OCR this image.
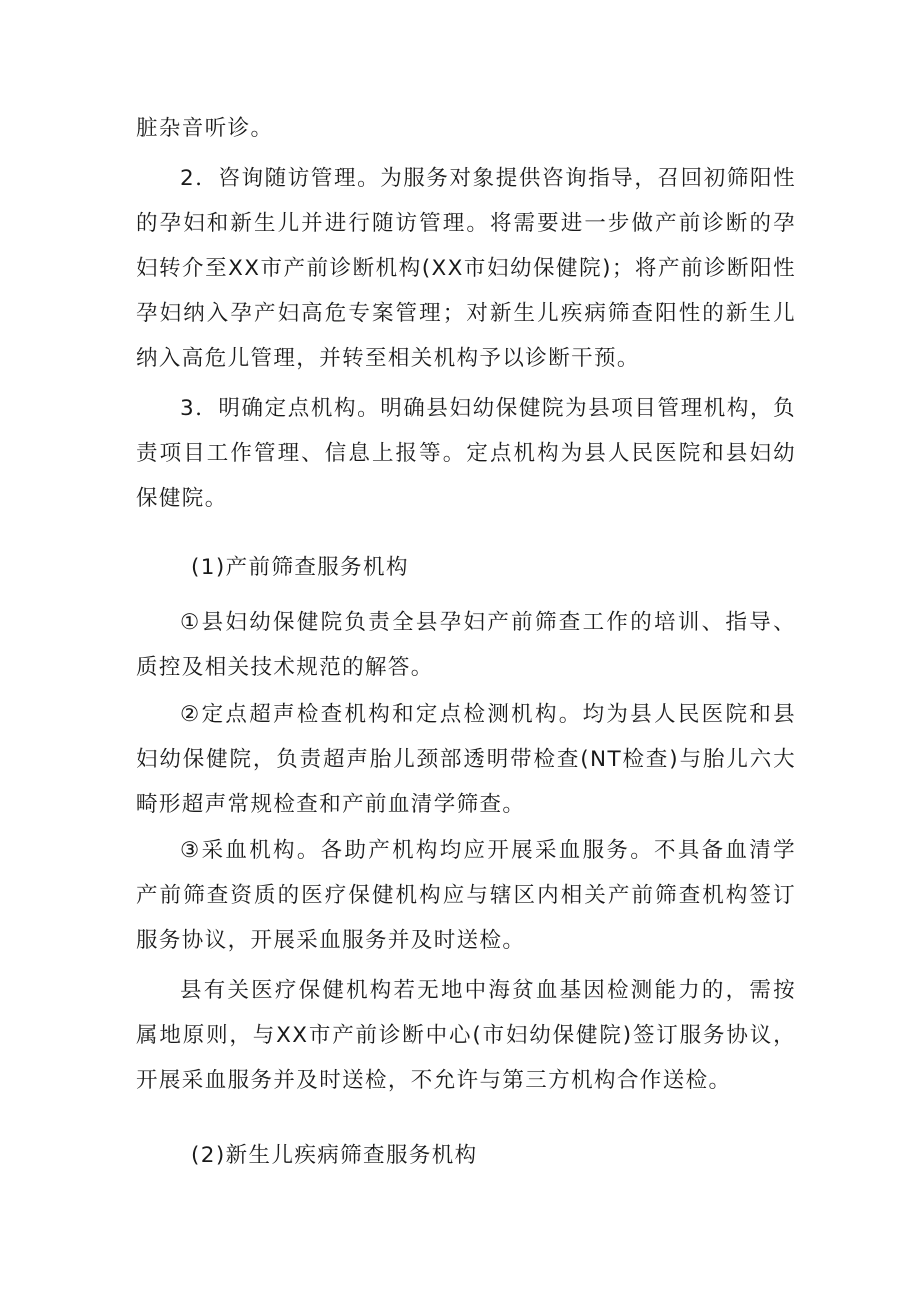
脏杂音听诊。

2．咨询随访管理。为服务对象提供咨询指导，召回初筛阳性的孕妇和新生儿并进行随访管理。将需要进一步做产前诊断的孕妇转介至XX市产前诊断机构(XX市妇幼保健院)；将产前诊断阳性孕妇纳入孕产妇高危专案管理；对新生儿疾病筛查阳性的新生儿纳入高危儿管理，并转至相关机构予以诊断干预。

3．明确定点机构。明确县妇幼保健院为县项目管理机构，负责项目工作管理、信息上报等。定点机构为县人民医院和县妇幼保健院。

(1)产前筛查服务机构

①县妇幼保健院负责全县孕妇产前筛查工作的培训、指导、质控及相关技术规范的解答。

②定点超声检查机构和定点检测机构。均为县人民医院和县妇幼保健院，负责超声胎儿颈部透明带检查(NT检查)与胎儿六大畸形超声常规检查和产前血清学筛查。

③采血机构。各助产机构均应开展采血服务。不具备血清学产前筛查资质的医疗保健机构应与辖区内相关产前筛查机构签订服务协议，开展采血服务并及时送检。

县有关医疗保健机构若无地中海贫血基因检测能力的，需按属地原则，与XX市产前诊断中心(市妇幼保健院)签订服务协议，开展采血服务并及时送检，不允许与第三方机构合作送检。

(2)新生儿疾病筛查服务机构
